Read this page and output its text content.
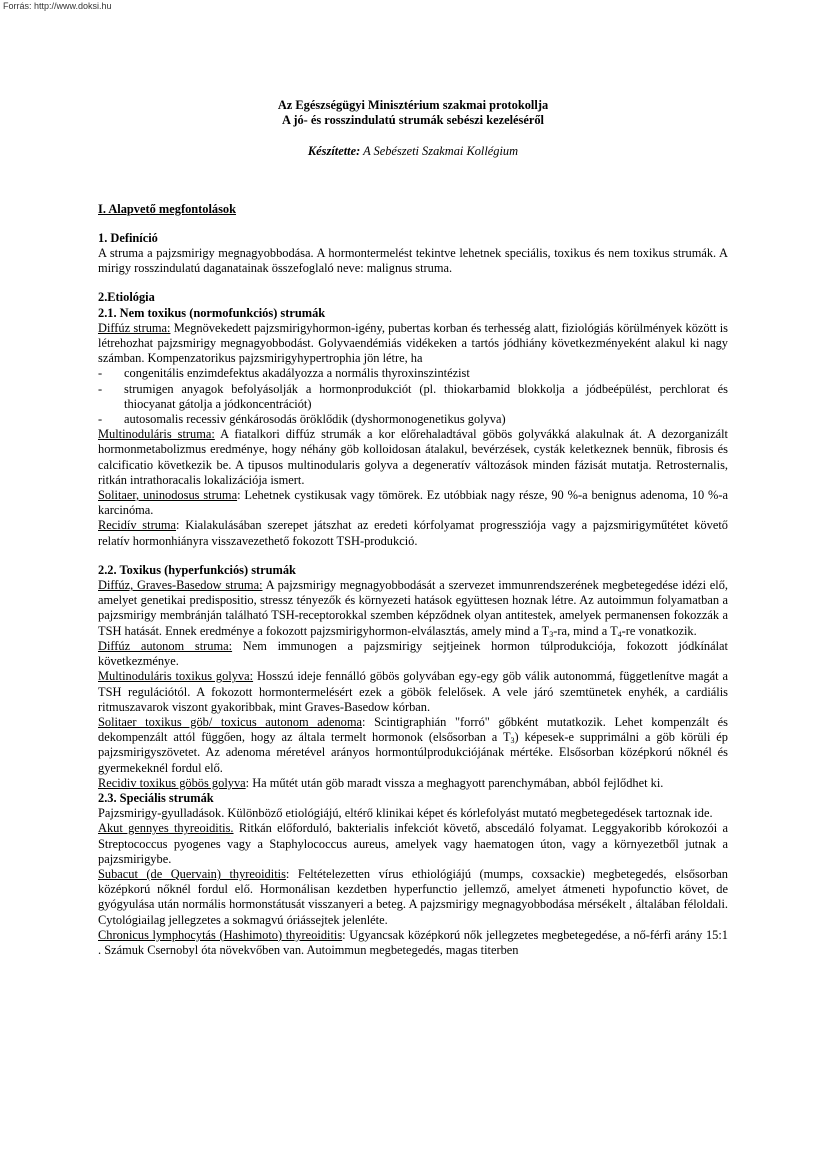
Forrás: http://www.doksi.hu
Az Egészségügyi Minisztérium szakmai protokollja
A jó- és rosszindulatú strumák sebészi kezeléséről
Készítette: A Sebészeti Szakmai Kollégium
I. Alapvető megfontolások
1. Definíció

A struma a pajzsmirigy megnagyobbodása. A hormontermelést tekintve lehetnek speciális, toxikus és nem toxikus strumák. A mirigy rosszindulatú daganatainak összefoglaló neve: malignus struma.

2.Etiológia
2.1. Nem toxikus (normofunkciós) strumák

Diffúz struma: Megnövekedett pajzsmirigyhormon-igény, pubertas korban és terhesség alatt, fiziológiás körülmények között is létrehozhat pajzsmirigy megnagyobbodást. Golyvaendémiás vidékeken a tartós jódhiány következményeként alakul ki nagy számban. Kompenzatorikus pajzsmirigyhypertrophia jön létre, ha

- congenitális enzimdefektus akadályozza a normális thyroxinszintézist
- strumigen anyagok befolyásolják a hormonprodukciót (pl. thiokarbamid blokkolja a jódbeépülést, perchlorat és thiocyanat gátolja a jódkoncentrációt)
- autosomalis recessiv génkárosodás öröklődik (dyshormonogenetikus golyva)

Multinoduláris struma: A fiatalkori diffúz strumák a kor előrehaladtával göbös golyvákká alakulnak át. A dezorganizált hormonmetabolizmus eredménye, hogy néhány göb kolloidosan átalakul, bevérzések, cysták keletkeznek bennük, fibrosis és calcificatio következik be. A tipusos multinodularis golyva a degeneratív változások minden fázisát mutatja. Retrosternalis, ritkán intrathoracalis lokalizációja ismert.

Solitaer, uninodosus struma: Lehetnek cystikusak vagy tömörek. Ez utóbbiak nagy része, 90 %-a benignus adenoma, 10 %-a karcinóma.

Recidív struma: Kialakulásában szerepet játszhat az eredeti kórfolyamat progressziója vagy a pajzsmirigyműtétet követő relatív hormonhiányra visszavezethető fokozott TSH-produkció.

2.2. Toxikus (hyperfunkciós) strumák

Diffúz, Graves-Basedow struma: A pajzsmirigy megnagyobbodását a szervezet immunrendszerének megbetegedése idézi elő, amelyet genetikai predispositio, stressz tényezők és környezeti hatások együttesen hoznak létre. Az autoimmun folyamatban a pajzsmirigy membránján található TSH-receptorokkal szemben képződnek olyan antitestek, amelyek permanensen fokozzák a TSH hatását. Ennek eredménye a fokozott pajzsmirigyhormon-elválasztás, amely mind a $T_3-ra$, mind a $T_4-re$ vonatkozik.

Diffúz autonom struma: Nem immunogen a pajzsmirigy sejtjeinek hormon túlprodukciója, fokozott jódkínálat következménye.

Multinoduláris toxikus golyva: Hosszú ideje fennálló göbös golyvában egy-egy göb válik autonommá, függetlenítve magát a TSH regulációtól. A fokozott hormontermelésért ezek a göbök felelősek. A vele járó szemtünetek enyhék, a cardiális ritmuszavarok viszont gyakoribbak, mint Graves-Basedow kórban.

Solitaer toxikus göb/ toxicus autonom adenoma: Scintigraphián "forró" gőbként mutatkozik. Lehet kompenzált és dekompenzált attól függően, hogy az általa termelt hormonok (elsősorban a $T_3$) képesek-e supprimálni a göb körüli ép pajzsmirigyszövetet. Az adenoma méretével arányos hormontúlprodukciójának mértéke. Elsősorban középkorú nőknél és gyermekeknél fordul elő.

Recidiv toxikus göbös golyva: Ha műtét után göb maradt vissza a meghagyott parenchymában, abból fejlődhet ki.

2.3. Speciális strumák

Pajzsmirigy-gyulladások. Különböző etiológiájú, eltérő klinikai képet és kórlefolyást mutató megbetegedések tartoznak ide.

Akut gennyes thyreoiditis. Ritkán előforduló, bakterialis infekciót követő, abscedáló folyamat. Leggyakoribb kórokozói a Streptococcus pyogenes vagy a Staphylococcus aureus, amelyek vagy haematogen úton, vagy a környezetből jutnak a pajzsmirigybe.

Subacut (de Quervain) thyreoiditis: Feltételezetten vírus ethiológiájú (mumps, coxsackie) megbetegedés, elsősorban középkorú nőknél fordul elő. Hormonálisan kezdetben hyperfunctio jellemző, amelyet átmeneti hypofunctio követ, de gyógyulása után normális hormonstátusát visszanyeri a beteg. A pajzsmirigy megnagyobbodása mérsékelt , általában féloldali. Cytológiailag jellegzetes a sokmagvú óriássejtek jelenléte.

Chronicus lymphocytás (Hashimoto) thyreoiditis: Ugyancsak középkorú nők jellegzetes megbetegedése, a nő-férfi arány 15:1 . Számuk Csernobyl óta növekvőben van. Autoimmun megbetegedés, magas titerben
